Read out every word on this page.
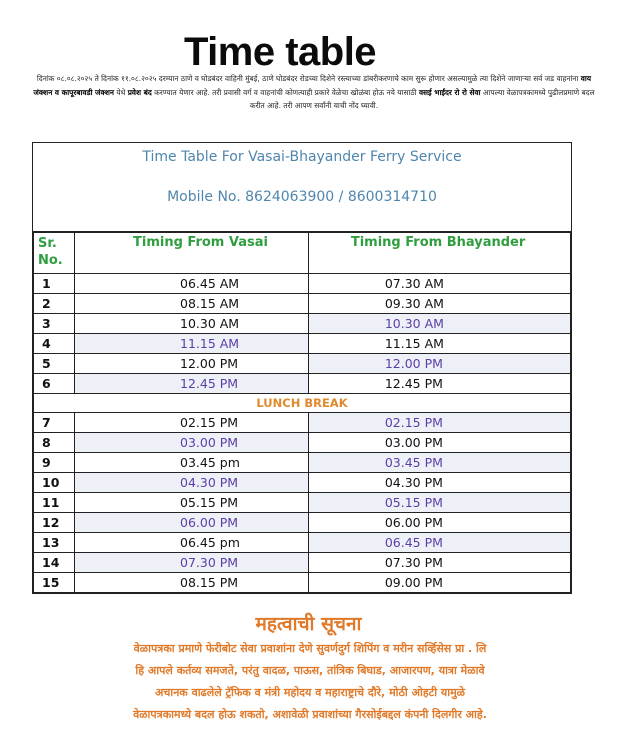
Time table
दिनांक ०८.०८.२०२५ ते दिनांक ११.०८.२०२५ दरम्यान ठाणे व घोडबंदर वाहिनी मुंबई, ठाणे घोडबंदर रोडच्या दिशेने रस्त्याच्या डांबरीकरणाचे काम सुरू होणार असल्यामुळे त्या दिशेने जाणाऱ्या सर्व जड वाहनांना वाय जंक्शन व कापूरबावडी जंक्शन येथे प्रवेश बंद करण्यात येणार आहे. तरी प्रवासी वर्ग व वाहनांची कोणत्याही प्रकारे वेळेचा खोळंबा होऊ नये यासाठी वसई भाईंदर रो रो सेवा आपल्या वेळापत्रकामध्ये पुढीलप्रमाणे बदल करीत आहे. तरी आपण सर्वांनी याची नोंद घ्यावी.
Time Table For Vasai-Bhayander Ferry Service
Mobile No. 8624063900 / 8600314710
Sr.
No.	Timing From Vasai	Timing From Bhayander
1	06.45 AM	07.30 AM
2	08.15 AM	09.30 AM
3	10.30 AM	10.30 AM
4	11.15 AM	11.15 AM
5	12.00 PM	12.00 PM
6	12.45 PM	12.45 PM
LUNCH BREAK		
7	02.15 PM	02.15 PM
8	03.00 PM	03.00 PM
9	03.45 pm	03.45 PM
10	04.30 PM	04.30 PM
11	05.15 PM	05.15 PM
12	06.00 PM	06.00 PM
13	06.45 pm	06.45 PM
14	07.30 PM	07.30 PM
15	08.15 PM	09.00 PM
महत्वाची सूचना
वेळापत्रका प्रमाणे फेरीबोट सेवा प्रवाशांना देणे सुवर्णदुर्ग शिपिंग व मरीन सर्व्हिसेस प्रा . लि
हि आपले कर्तव्य समजते, परंतु वादळ, पाऊस, तांत्रिक बिघाड, आजारपण, यात्रा मेळावे
अचानक वाढलेले ट्रॅफिक व मंत्री महोदय व महाराष्ट्राचे दौरे, मोठी ओहटी यामुळे
वेळापत्रकामध्ये बदल होऊ शकतो, अशावेळी प्रवाशांच्या गैरसोईबद्दल कंपनी दिलगीर आहे.
